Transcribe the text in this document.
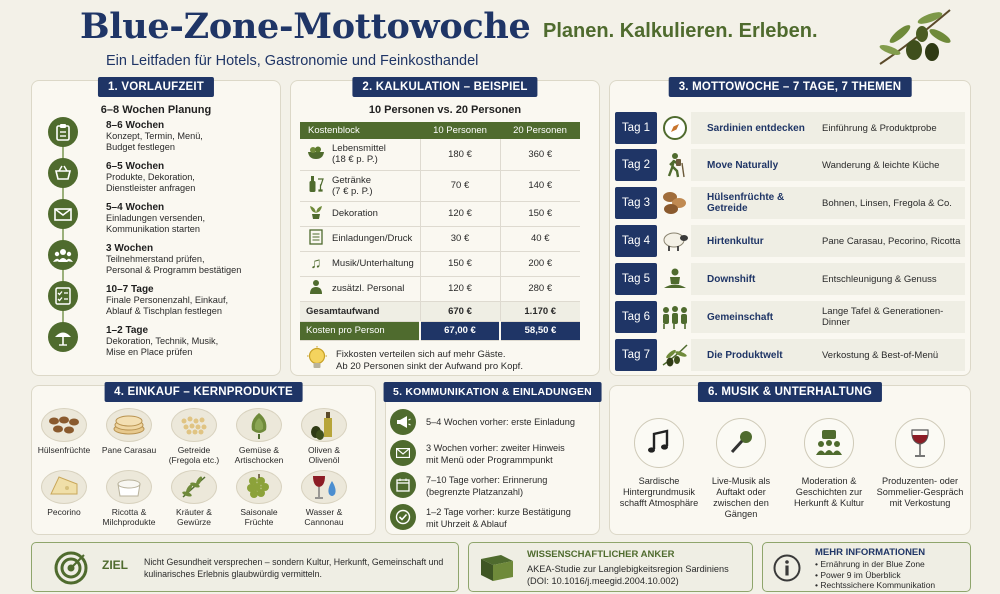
Blue-Zone-Mottowoche
Ein Leitfaden für Hotels, Gastronomie und Feinkosthandel
Planen. Kalkulieren. Erleben.
1. VORLAUFZEIT
6–8 Wochen Planung
8–6 Wochen
Konzept, Termin, Menü,
Budget festlegen
6–5 Wochen
Produkte, Dekoration,
Dienstleister anfragen
5–4 Wochen
Einladungen versenden,
Kommunikation starten
3 Wochen
Teilnehmerstand prüfen,
Personal & Programm bestätigen
10–7 Tage
Finale Personenzahl, Einkauf,
Ablauf & Tischplan festlegen
1–2 Tage
Dekoration, Technik, Musik,
Mise en Place prüfen
2. KALKULATION – BEISPIEL
10 Personen vs. 20 Personen
Kostenblock	10 Personen	20 Personen
Lebensmittel
(18 € p. P.)	180 €	360 €
Getränke
(7 € p. P.)	70 €	140 €
Dekoration	120 €	150 €
Einladungen/Druck	30 €	40 €
♫ Musik/Unterhaltung	150 €	200 €
zusätzl. Personal	120 €	280 €
Gesamtaufwand	670 €	1.170 €
Kosten pro Person	67,00 €	58,50 €
Fixkosten verteilen sich auf mehr Gäste.
Ab 20 Personen sinkt der Aufwand pro Kopf.
3. MOTTOWOCHE – 7 TAGE, 7 THEMEN
Tag 1	Sardinien entdecken	Einführung & Produktprobe
Tag 2	Move Naturally	Wanderung & leichte Küche
Tag 3	Hülsenfrüchte & Getreide	Bohnen, Linsen, Fregola & Co.
Tag 4	Hirtenkultur	Pane Carasau, Pecorino, Ricotta
Tag 5	Downshift	Entschleunigung & Genuss
Tag 6	Gemeinschaft	Lange Tafel & Generationen-Dinner
Tag 7	Die Produktwelt	Verkostung & Best-of-Menü
4. EINKAUF – KERNPRODUKTE
Hülsenfrüchte	Pane Carasau	Getreide
(Fregola etc.)
Gemüse &
Artischocken
Oliven &
Olivenöl
Pecorino	Ricotta &
Milchprodukte
Kräuter &
Gewürze
Saisonale
Früchte
Wasser &
Cannonau
5. KOMMUNIKATION & EINLADUNGEN
5–4 Wochen vorher: erste Einladung
3 Wochen vorher: zweiter Hinweis
mit Menü oder Programmpunkt
7–10 Tage vorher: Erinnerung
(begrenzte Platzanzahl)
1–2 Tage vorher: kurze Bestätigung
mit Uhrzeit & Ablauf
6. MUSIK & UNTERHALTUNG
Sardische
Hintergrundmusik
schafft Atmosphäre
Live-Musik als
Auftakt oder
zwischen den
Gängen
Moderation &
Geschichten zur
Herkunft & Kultur
Produzenten- oder
Sommelier-Gespräch
mit Verkostung
ZIEL Nicht Gesundheit versprechen – sondern Kultur, Herkunft, Gemeinschaft und
kulinarisches Erlebnis glaubwürdig vermitteln.
WISSENSCHAFTLICHER ANKER
AKEA-Studie zur Langlebigkeitsregion Sardiniens
(DOI: 10.1016/j.meegid.2004.10.002)
MEHR INFORMATIONEN
• Ernährung in der Blue Zone
• Power 9 im Überblick
• Rechtssichere Kommunikation
